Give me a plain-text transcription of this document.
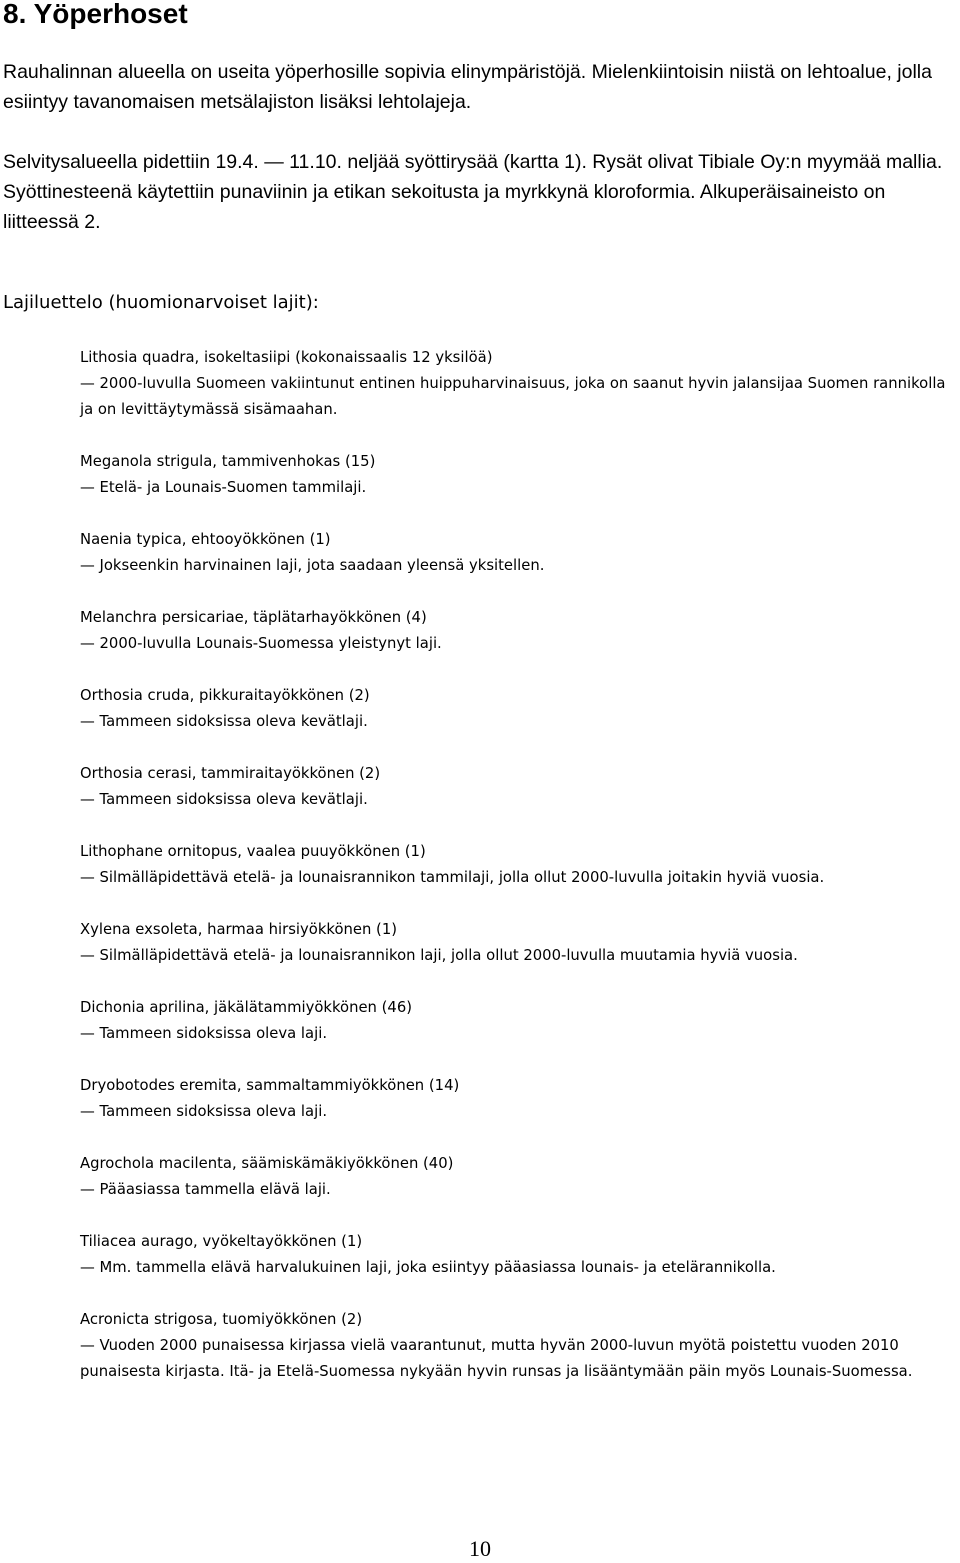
8. Yöperhoset

Rauhalinnan alueella on useita yöperhosille sopivia elinympäristöjä. Mielenkiintoisin niistä on lehtoalue, jolla esiintyy tavanomaisen metsälajiston lisäksi lehtolajeja.

Selvitysalueella pidettiin 19.4. — 11.10. neljää syöttirysää (kartta 1). Rysät olivat Tibiale Oy:n myymää mallia. Syöttinesteenä käytettiin punaviinin ja etikan sekoitusta ja myrkkynä kloroformia. Alkuperäisaineisto on liitteessä 2.

Lajiluettelo (huomionarvoiset lajit):
Lithosia quadra, isokeltasiipi (kokonaissaalis 12 yksilöä)
— 2000-luvulla Suomeen vakiintunut entinen huippuharvinaisuus, joka on saanut hyvin jalansijaa Suomen rannikolla ja on levittäytymässä sisämaahan.
Meganola strigula, tammivenhokas (15)
— Etelä- ja Lounais-Suomen tammilaji.
Naenia typica, ehtooyökkönen (1)
— Jokseenkin harvinainen laji, jota saadaan yleensä yksitellen.
Melanchra persicariae, täplätarhayökkönen (4)
— 2000-luvulla Lounais-Suomessa yleistynyt laji.
Orthosia cruda, pikkuraitayökkönen (2)
— Tammeen sidoksissa oleva kevätlaji.
Orthosia cerasi, tammiraitayökkönen (2)
— Tammeen sidoksissa oleva kevätlaji.
Lithophane ornitopus, vaalea puuyökkönen (1)
— Silmälläpidettävä etelä- ja lounaisrannikon tammilaji, jolla ollut 2000-luvulla joitakin hyviä vuosia.
Xylena exsoleta, harmaa hirsiyökkönen (1)
— Silmälläpidettävä etelä- ja lounaisrannikon laji, jolla ollut 2000-luvulla muutamia hyviä vuosia.
Dichonia aprilina, jäkälätammiyökkönen (46)
— Tammeen sidoksissa oleva laji.
Dryobotodes eremita, sammaltammiyökkönen (14)
— Tammeen sidoksissa oleva laji.
Agrochola macilenta, säämiskämäkiyökkönen (40)
— Pääasiassa tammella elävä laji.
Tiliacea aurago, vyökeltayökkönen (1)
— Mm. tammella elävä harvalukuinen laji, joka esiintyy pääasiassa lounais- ja etelärannikolla.
Acronicta strigosa, tuomiyökkönen (2)
— Vuoden 2000 punaisessa kirjassa vielä vaarantunut, mutta hyvän 2000-luvun myötä poistettu vuoden 2010 punaisesta kirjasta. Itä- ja Etelä-Suomessa nykyään hyvin runsas ja lisääntymään päin myös Lounais-Suomessa.
10
